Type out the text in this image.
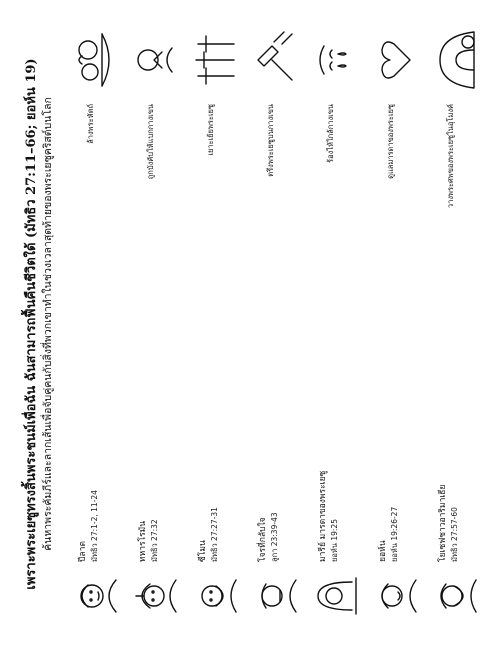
เพราะพระเยซูทรงสิ้นพระชนม์เพื่อฉัน ฉันสามารถฟื้นคืนชีวิตใด้ (มัทธิว 27:11–66; ยอห์น 19) ค้นหาพระคัมภีร์และลากเส้นเพื่อจับคู่คนกับสิ่งที่พวกเขาทำในช่วงเวลาสุดท้ายของพระเยซูคริสต์บนโลก
ปีลาต มัทธิว 27:1-2, 11-24
ล้างพระหัตถ์
ทหารโรมัน มัทธิว 27:32
ถูกบังคับให้แบกกางเขน
ซีโมน มัทธิว 27:27-31
เยาะเย้ยพระเยซู
โจรที่กลับใจ ลูกา 23:39-43
ตรึงพระเยซูบนกางเขน
มารีย์ มารดาของพระเยซู ยอห์น 19:25
ร้องไห้ใกล้กางเขน
ยอห์น ยอห์น 19:26-27
ดูแลมารดาของพระเยซู
โยเซฟชาวอาริมาเธีย มัทธิว 27:57-60
วางพระศพของพระเยซูในอุโมงค์
